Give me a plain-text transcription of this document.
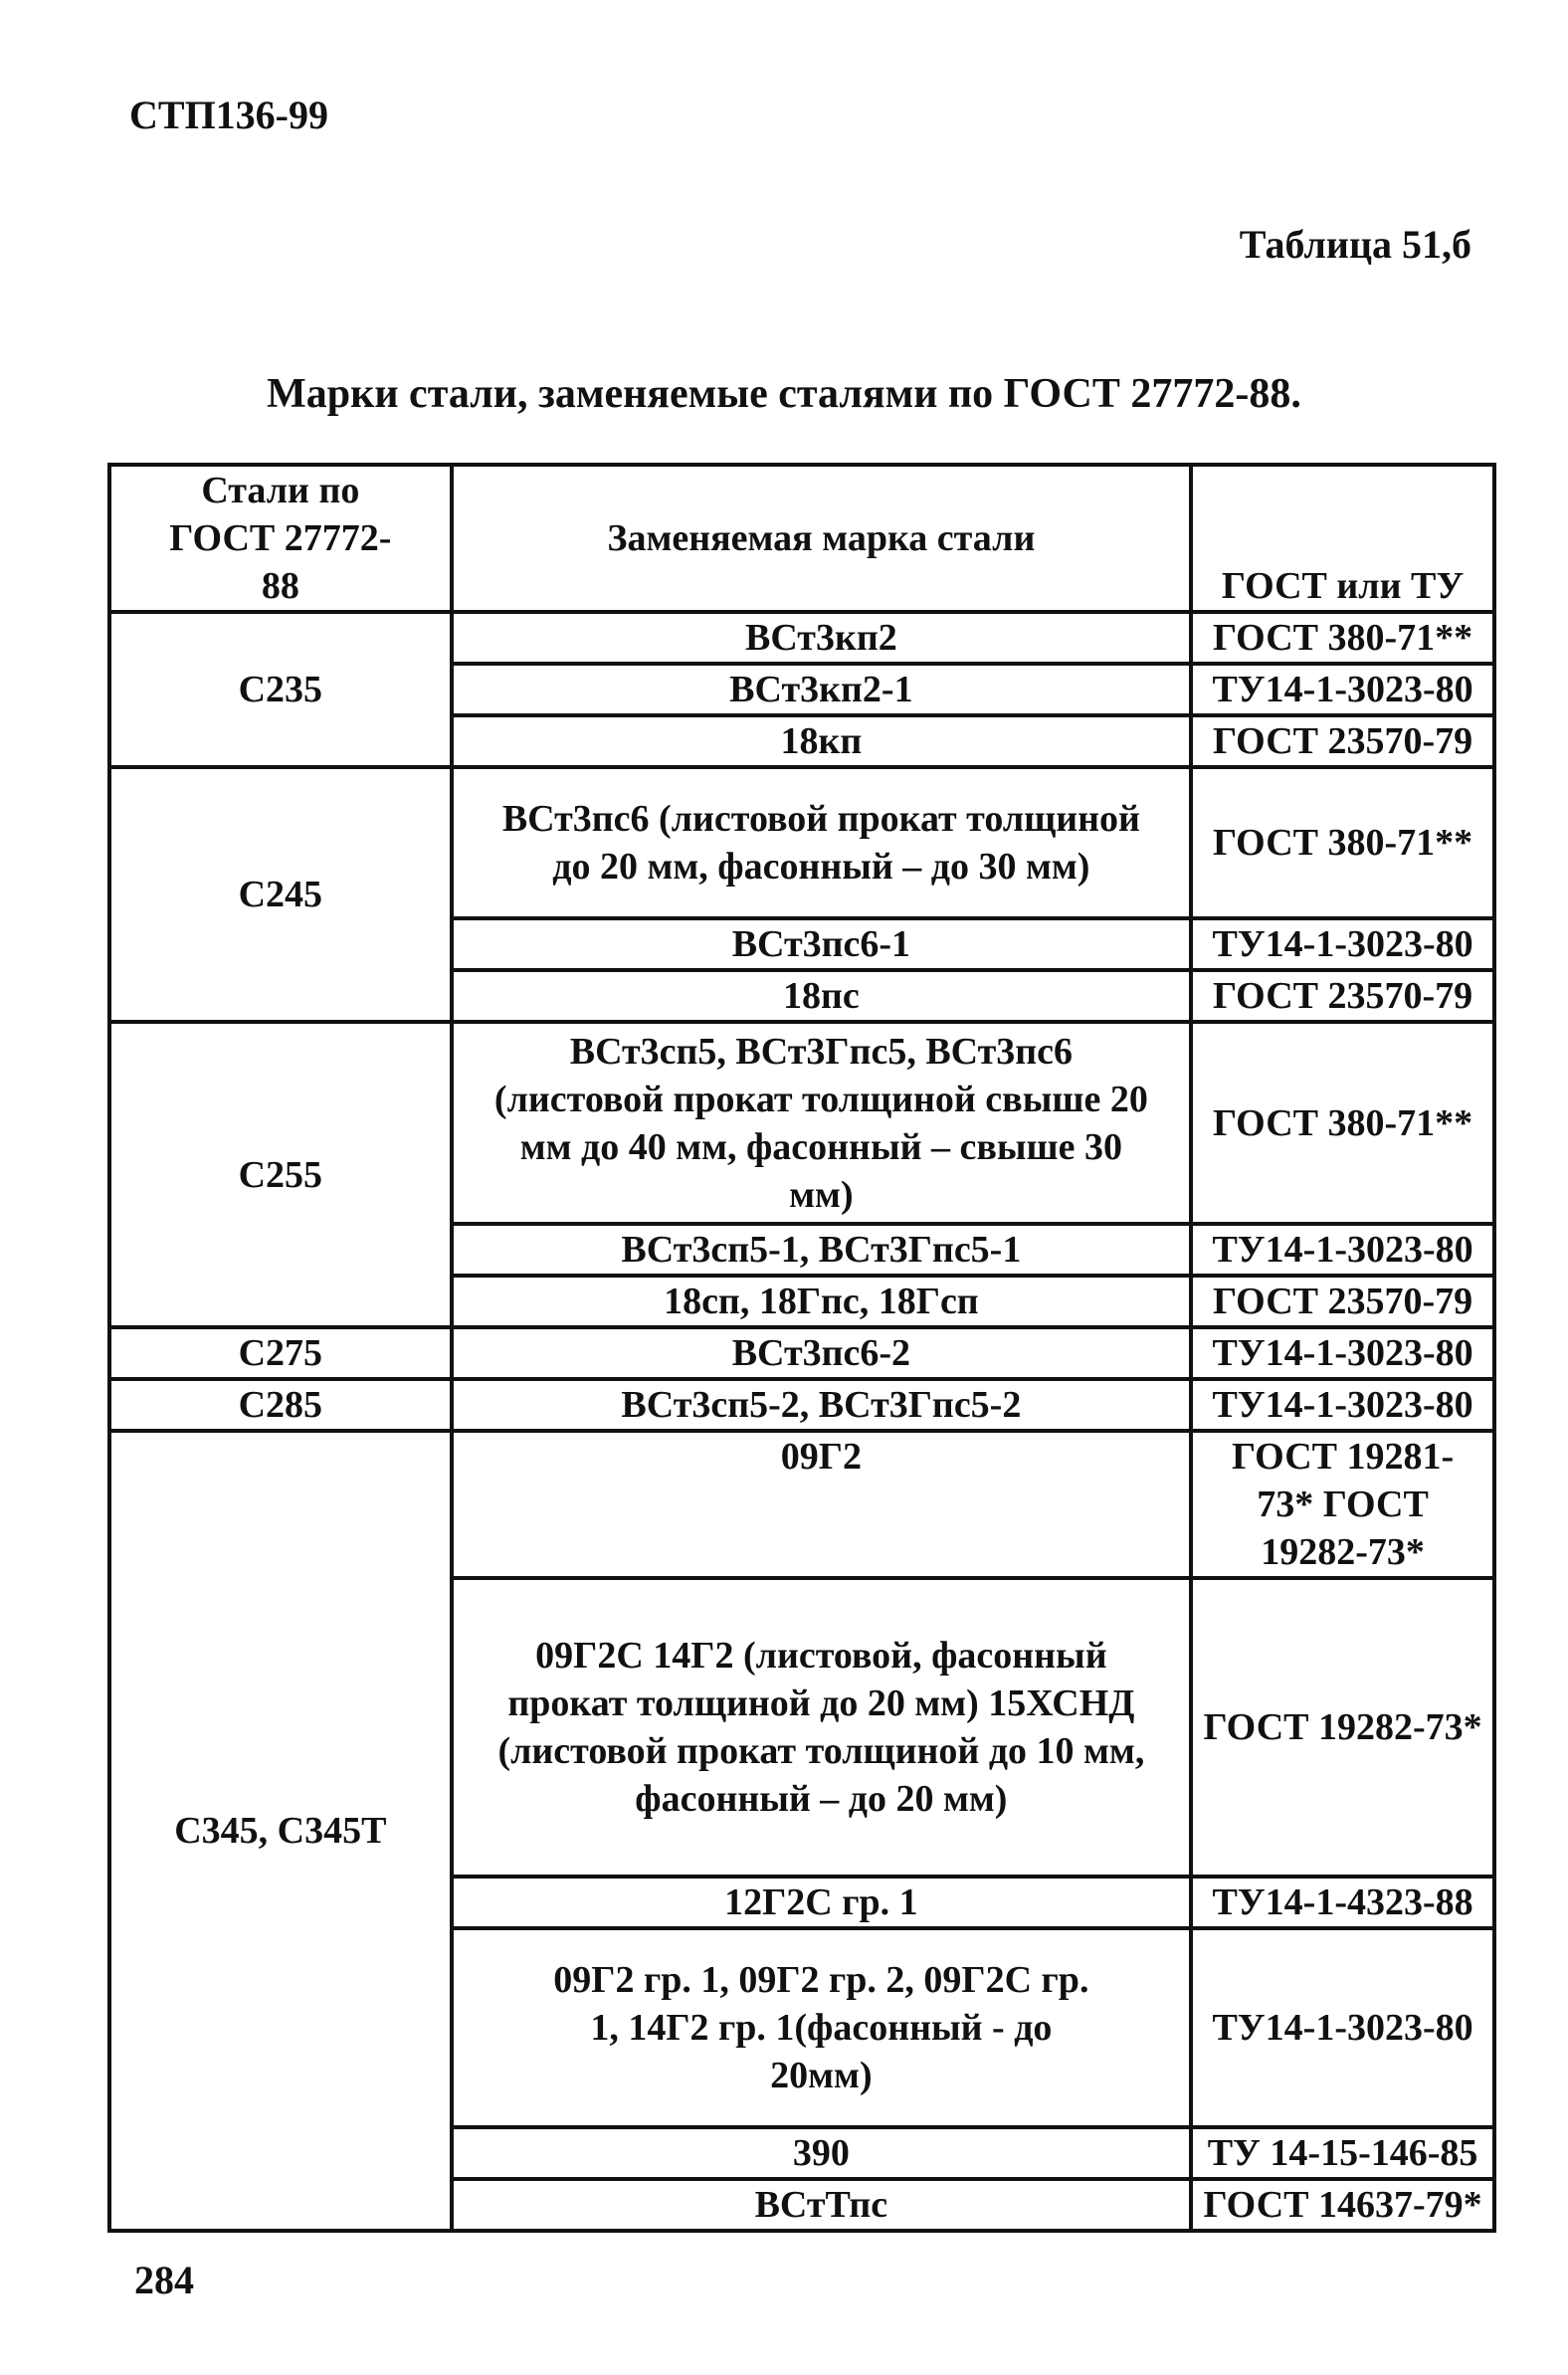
СТП136-99
Таблица 51,б
Марки стали, заменяемые сталями по ГОСТ 27772-88.
Стали по ГОСТ 27772-88	Заменяемая марка стали	ГОСТ или ТУ
С235	ВСт3кп2	ГОСТ 380-71**
	ВСт3кп2-1	ТУ14-1-3023-80
	18кп	ГОСТ 23570-79
С245	ВСт3пс6 (листовой прокат толщиной до 20 мм, фасонный – до 30 мм)	ГОСТ 380-71**
	ВСт3пс6-1	ТУ14-1-3023-80
	18пс	ГОСТ 23570-79
С255	ВСт3сп5, ВСт3Гпс5, ВСт3пс6 (листовой прокат толщиной свыше 20 мм до 40 мм, фасонный – свыше 30 мм)	ГОСТ 380-71**
	ВСт3сп5-1, ВСт3Гпс5-1	ТУ14-1-3023-80
	18сп, 18Гпс, 18Гсп	ГОСТ 23570-79
С275	ВСт3пс6-2	ТУ14-1-3023-80
С285	ВСт3сп5-2, ВСт3Гпс5-2	ТУ14-1-3023-80
С345, С345Т	09Г2	ГОСТ 19281-73* ГОСТ 19282-73*
	09Г2С 14Г2 (листовой, фасонный прокат толщиной до 20 мм) 15ХСНД (листовой прокат толщиной до 10 мм, фасонный – до 20 мм)	ГОСТ 19282-73*
	12Г2С гр. 1	ТУ14-1-4323-88
	09Г2 гр. 1, 09Г2 гр. 2, 09Г2С гр. 1, 14Г2 гр. 1(фасонный - до 20мм)	ТУ14-1-3023-80
	390	ТУ 14-15-146-85
	ВСтТпс	ГОСТ 14637-79*
284
